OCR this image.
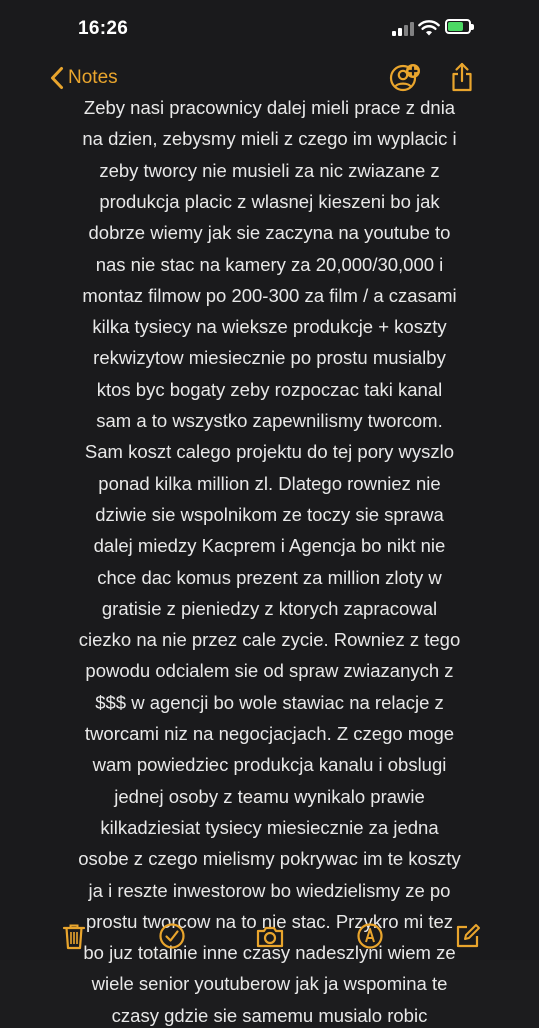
16:26
Notes
Zeby nasi pracownicy dalej mieli prace z dnia
na dzien, zebysmy mieli z czego im wyplacic i
zeby tworcy nie musieli za nic zwiazane z
produkcja placic z wlasnej kieszeni bo jak
dobrze wiemy jak sie zaczyna na youtube to
nas nie stac na kamery za 20,000/30,000 i
montaz filmow po 200-300 za film / a czasami
kilka tysiecy na wieksze produkcje + koszty
rekwizytow miesiecznie po prostu musialby
ktos byc bogaty zeby rozpoczac taki kanal
sam a to wszystko zapewnilismy tworcom.
Sam koszt calego projektu do tej pory wyszlo
ponad kilka million zl. Dlatego rowniez nie
dziwie sie wspolnikom ze toczy sie sprawa
dalej miedzy Kacprem i Agencja bo nikt nie
chce dac komus prezent za million zloty w
gratisie z pieniedzy z ktorych zapracowal
ciezko na nie przez cale zycie. Rowniez z tego
powodu odcialem sie od spraw zwiazanych z
$$$ w agencji bo wole stawiac na relacje z
tworcami niz na negocjacjach. Z czego moge
wam powiedziec produkcja kanalu i obslugi
jednej osoby z teamu wynikalo prawie
kilkadziesiat tysiecy miesiecznie za jedna
osobe z czego mielismy pokrywac im te koszty
ja i reszte inwestorow bo wiedzielismy ze po
prostu tworcow na to nie stac. Przykro mi tez
bo juz totalnie inne czasy nadeszlyni wiem ze
wiele senior youtuberow jak ja wspomina te
czasy gdzie sie samemu musialo robic
